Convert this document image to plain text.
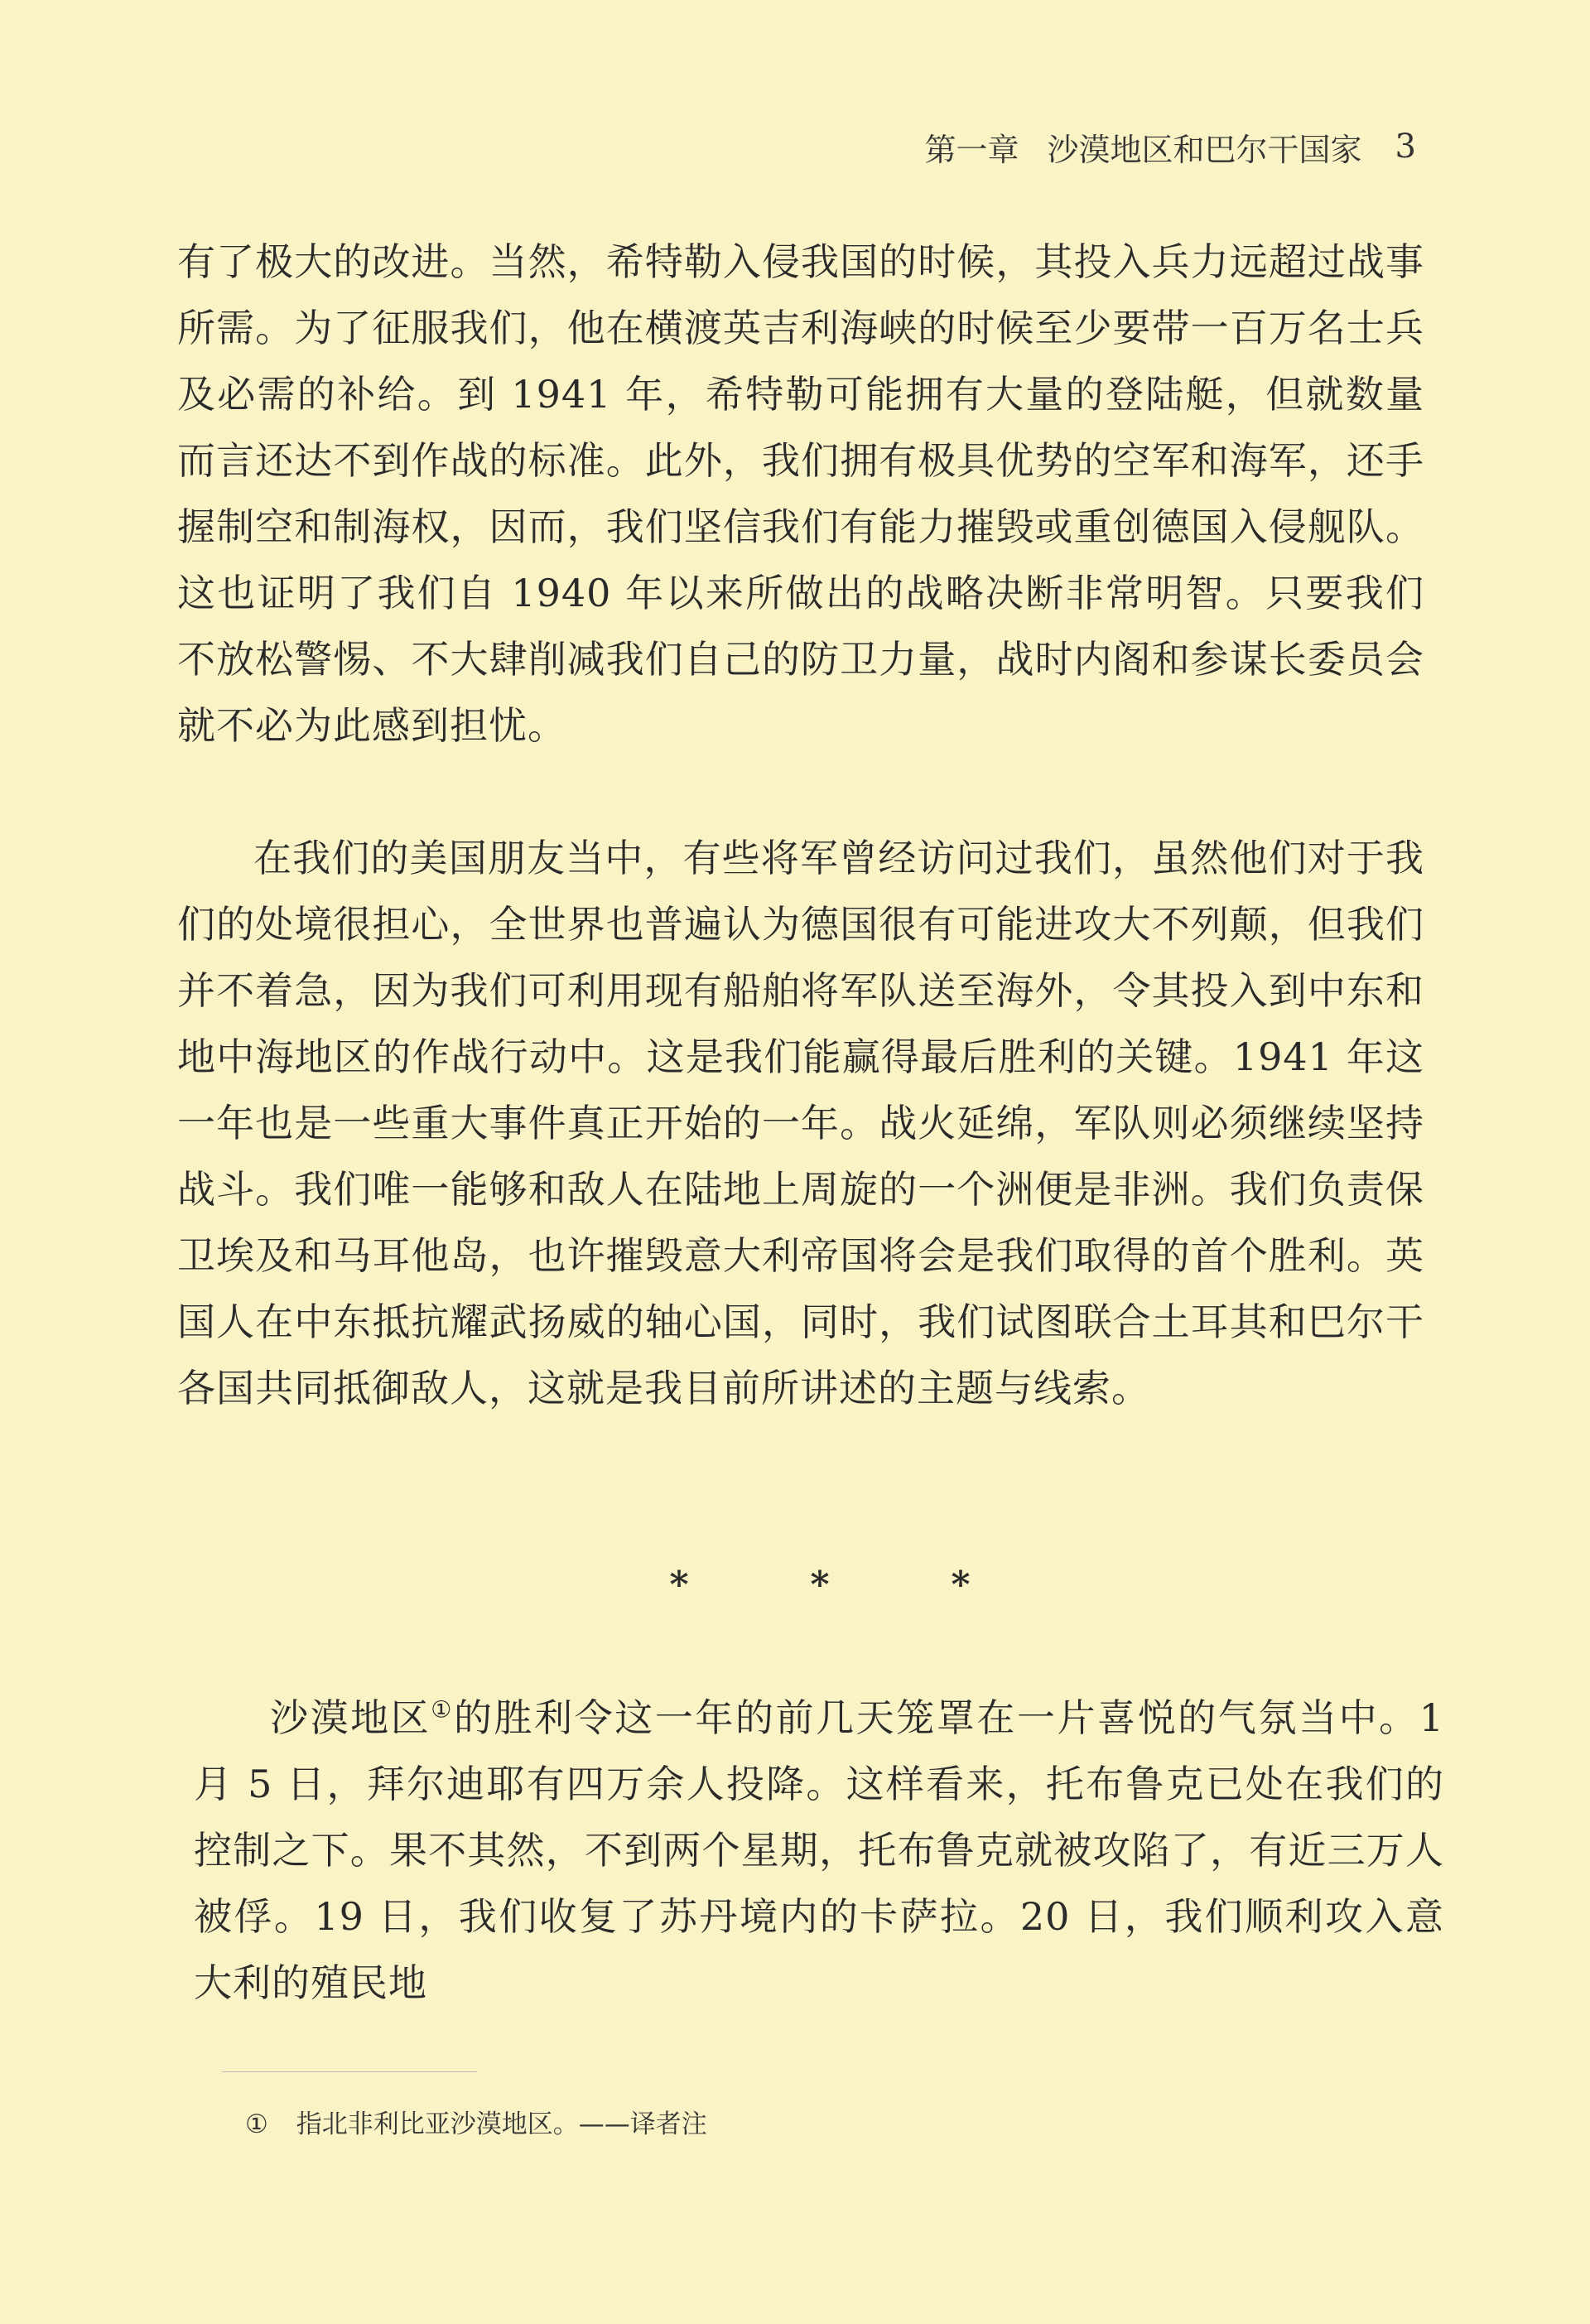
第一章 沙漠地区和巴尔干国家 3

有了极大的改进。当然，希特勒入侵我国的时候，其投入兵力远超过战事所需。为了征服我们，他在横渡英吉利海峡的时候至少要带一百万名士兵及必需的补给。到 1941 年，希特勒可能拥有大量的登陆艇，但就数量而言还达不到作战的标准。此外，我们拥有极具优势的空军和海军，还手握制空和制海权，因而，我们坚信我们有能力摧毁或重创德国入侵舰队。这也证明了我们自 1940 年以来所做出的战略决断非常明智。只要我们不放松警惕、不大肆削减我们自己的防卫力量，战时内阁和参谋长委员会就不必为此感到担忧。

在我们的美国朋友当中，有些将军曾经访问过我们，虽然他们对于我们的处境很担心，全世界也普遍认为德国很有可能进攻大不列颠，但我们并不着急，因为我们可利用现有船舶将军队送至海外，令其投入到中东和地中海地区的作战行动中。这是我们能赢得最后胜利的关键。1941 年这一年也是一些重大事件真正开始的一年。战火延绵，军队则必须继续坚持战斗。我们唯一能够和敌人在陆地上周旋的一个洲便是非洲。我们负责保卫埃及和马耳他岛，也许摧毁意大利帝国将会是我们取得的首个胜利。英国人在中东抵抗耀武扬威的轴心国，同时，我们试图联合土耳其和巴尔干各国共同抵御敌人，这就是我目前所讲述的主题与线索。

*	*	*

沙漠地区①的胜利令这一年的前几天笼罩在一片喜悦的气氛当中。1 月 5 日，拜尔迪耶有四万余人投降。这样看来，托布鲁克已处在我们的控制之下。果不其然，不到两个星期，托布鲁克就被攻陷了，有近三万人被俘。19 日，我们收复了苏丹境内的卡萨拉。20 日，我们顺利攻入意大利的殖民地

① 指北非利比亚沙漠地区。——译者注
